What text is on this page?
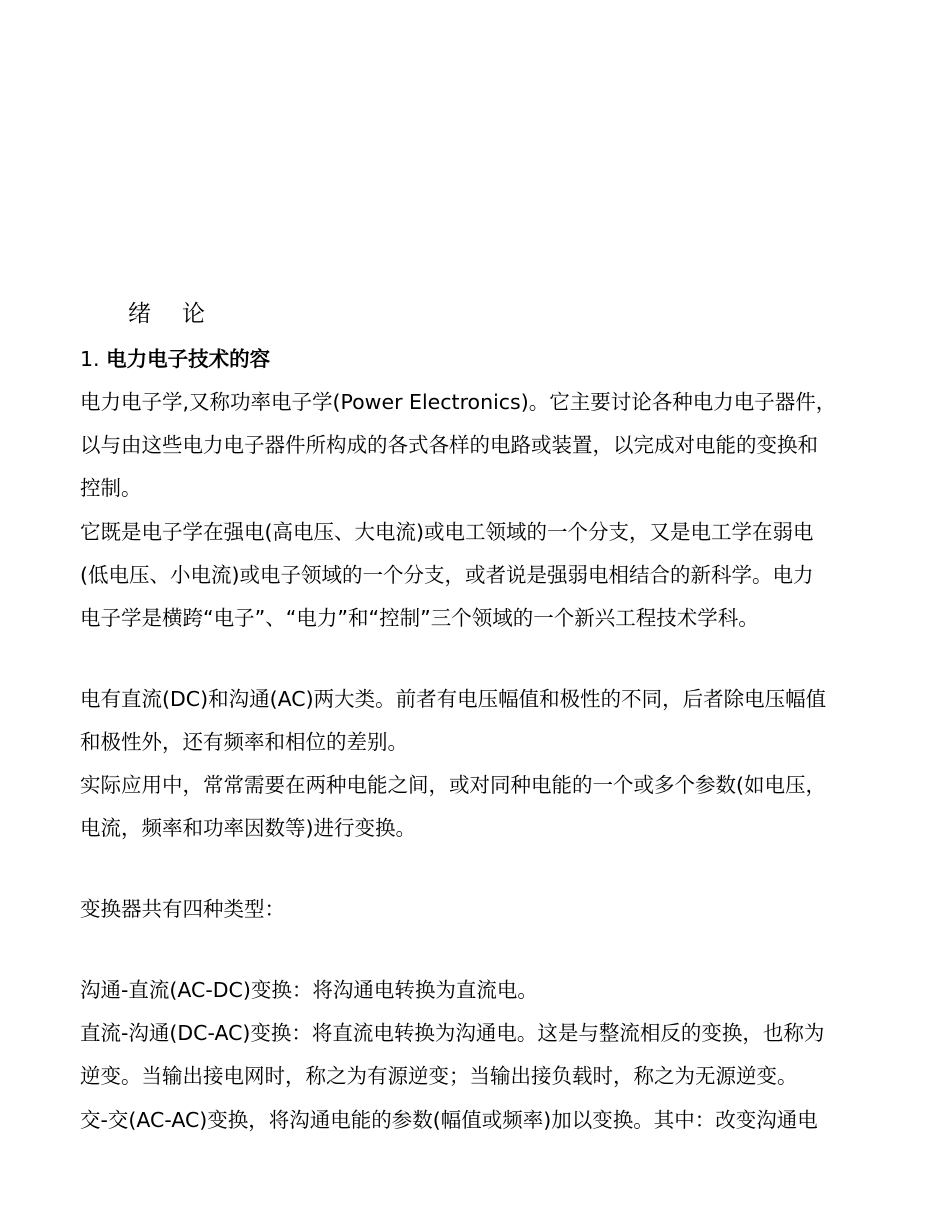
绪 论

1. 电力电子技术的容

电力电子学,又称功率电子学(Power Electronics)。它主要讨论各种电力电子器件，

以与由这些电力电子器件所构成的各式各样的电路或装置，以完成对电能的变换和

控制。

它既是电子学在强电(高电压、大电流)或电工领域的一个分支，又是电工学在弱电

(低电压、小电流)或电子领域的一个分支，或者说是强弱电相结合的新科学。电力

电子学是横跨“电子”、“电力”和“控制”三个领域的一个新兴工程技术学科。

电有直流(DC)和沟通(AC)两大类。前者有电压幅值和极性的不同，后者除电压幅值

和极性外，还有频率和相位的差别。

实际应用中，常常需要在两种电能之间，或对同种电能的一个或多个参数(如电压，

电流，频率和功率因数等)进行变换。

变换器共有四种类型：

沟通-直流(AC-DC)变换：将沟通电转换为直流电。

直流-沟通(DC-AC)变换：将直流电转换为沟通电。这是与整流相反的变换，也称为

逆变。当输出接电网时，称之为有源逆变；当输出接负载时，称之为无源逆变。

交-交(AC-AC)变换，将沟通电能的参数(幅值或频率)加以变换。其中：改变沟通电
